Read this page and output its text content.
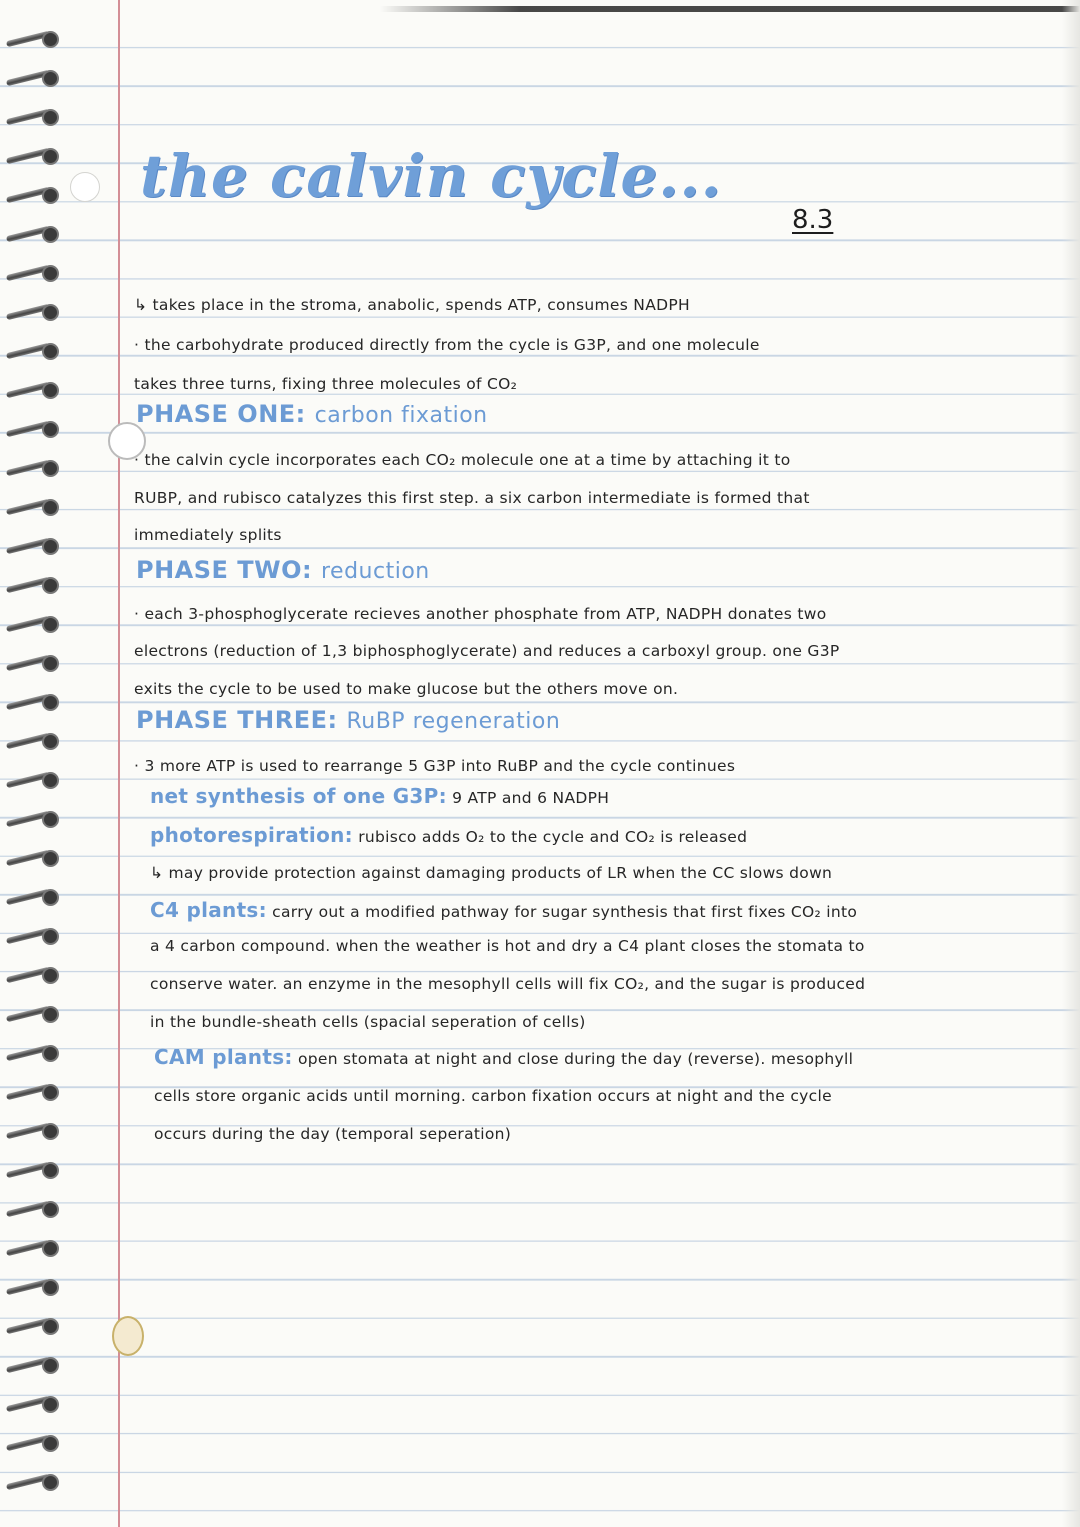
the calvin cycle...
8.3
↳ takes place in the stroma, anabolic, spends ATP, consumes NADPH
· the carbohydrate produced directly from the cycle is G3P, and one molecule
takes three turns, fixing three molecules of CO₂
PHASE ONE: carbon fixation
· the calvin cycle incorporates each CO₂ molecule one at a time by attaching it to
RUBP, and rubisco catalyzes this first step. a six carbon intermediate is formed that
immediately splits
PHASE TWO: reduction
· each 3-phosphoglycerate recieves another phosphate from ATP, NADPH donates two
electrons (reduction of 1,3 biphosphoglycerate) and reduces a carboxyl group. one G3P
exits the cycle to be used to make glucose but the others move on.
PHASE THREE: RuBP regeneration
· 3 more ATP is used to rearrange 5 G3P into RuBP and the cycle continues
net synthesis of one G3P: 9 ATP and 6 NADPH
photorespiration: rubisco adds O₂ to the cycle and CO₂ is released
↳ may provide protection against damaging products of LR when the CC slows down
C4 plants: carry out a modified pathway for sugar synthesis that first fixes CO₂ into
a 4 carbon compound. when the weather is hot and dry a C4 plant closes the stomata to
conserve water. an enzyme in the mesophyll cells will fix CO₂, and the sugar is produced
in the bundle-sheath cells (spacial seperation of cells)
CAM plants: open stomata at night and close during the day (reverse). mesophyll
cells store organic acids until morning. carbon fixation occurs at night and the cycle
occurs during the day (temporal seperation)
